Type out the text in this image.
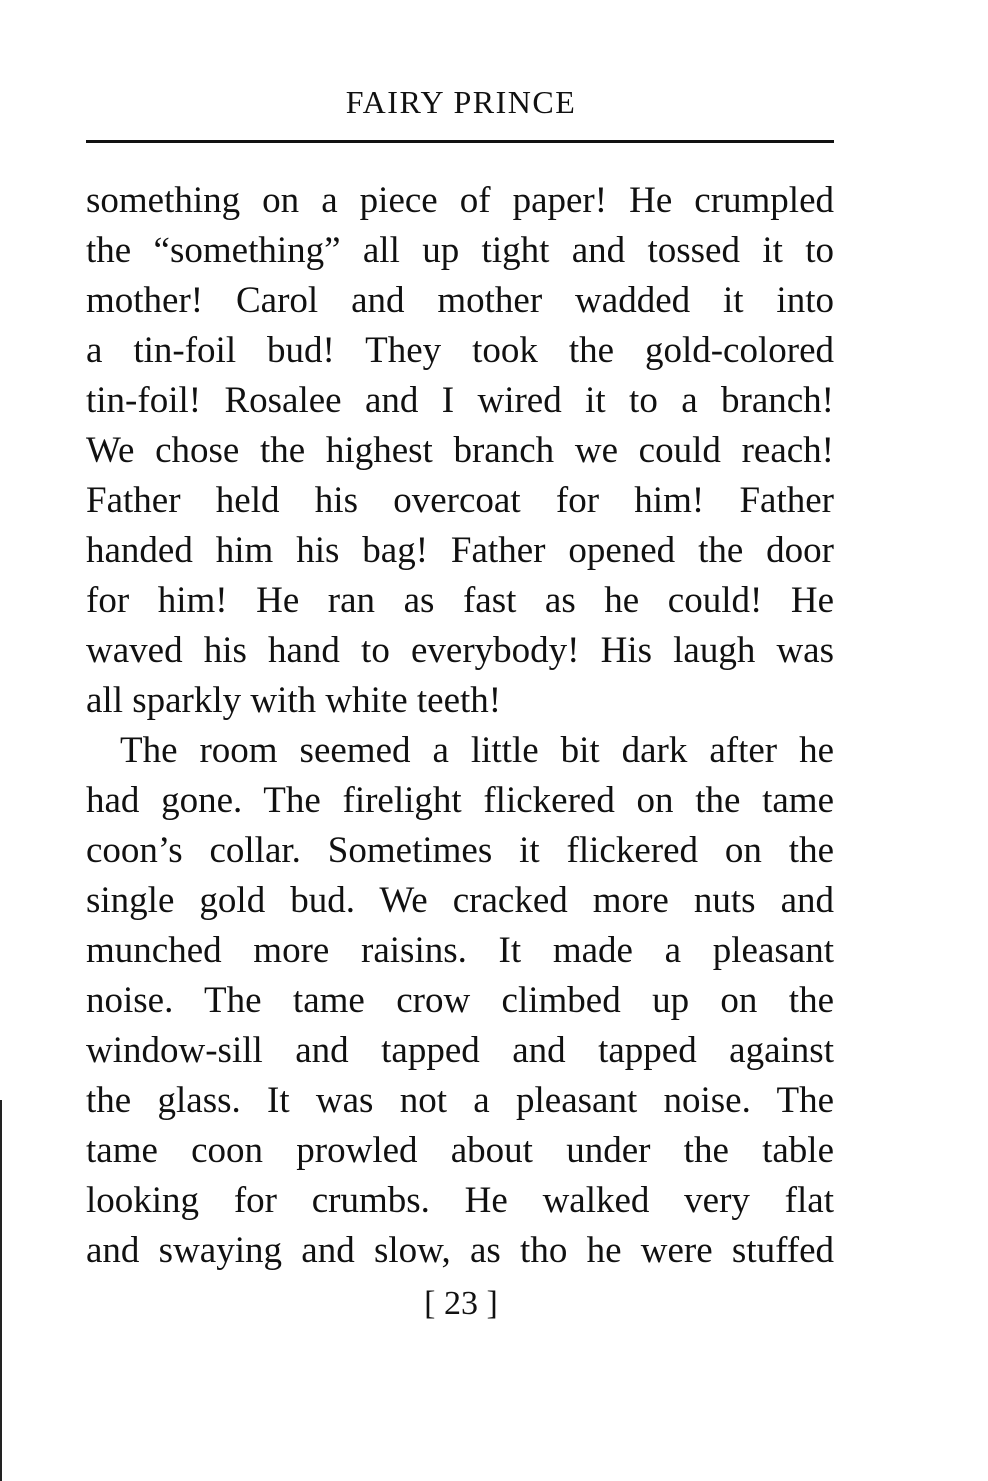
FAIRY PRINCE
something on a piece of paper! He crumpled
the “something” all up tight and tossed it to
mother! Carol and mother wadded it into
a tin-foil bud! They took the gold-colored
tin-foil! Rosalee and I wired it to a branch!
We chose the highest branch we could reach!
Father held his overcoat for him! Father
handed him his bag! Father opened the door
for him! He ran as fast as he could! He
waved his hand to everybody! His laugh was
all sparkly with white teeth!
The room seemed a little bit dark after he
had gone. The firelight flickered on the tame
coon’s collar. Sometimes it flickered on the
single gold bud. We cracked more nuts and
munched more raisins. It made a pleasant
noise. The tame crow climbed up on the
window-sill and tapped and tapped against
the glass. It was not a pleasant noise. The
tame coon prowled about under the table
looking for crumbs. He walked very flat
and swaying and slow, as tho he were stuffed
[ 23 ]
